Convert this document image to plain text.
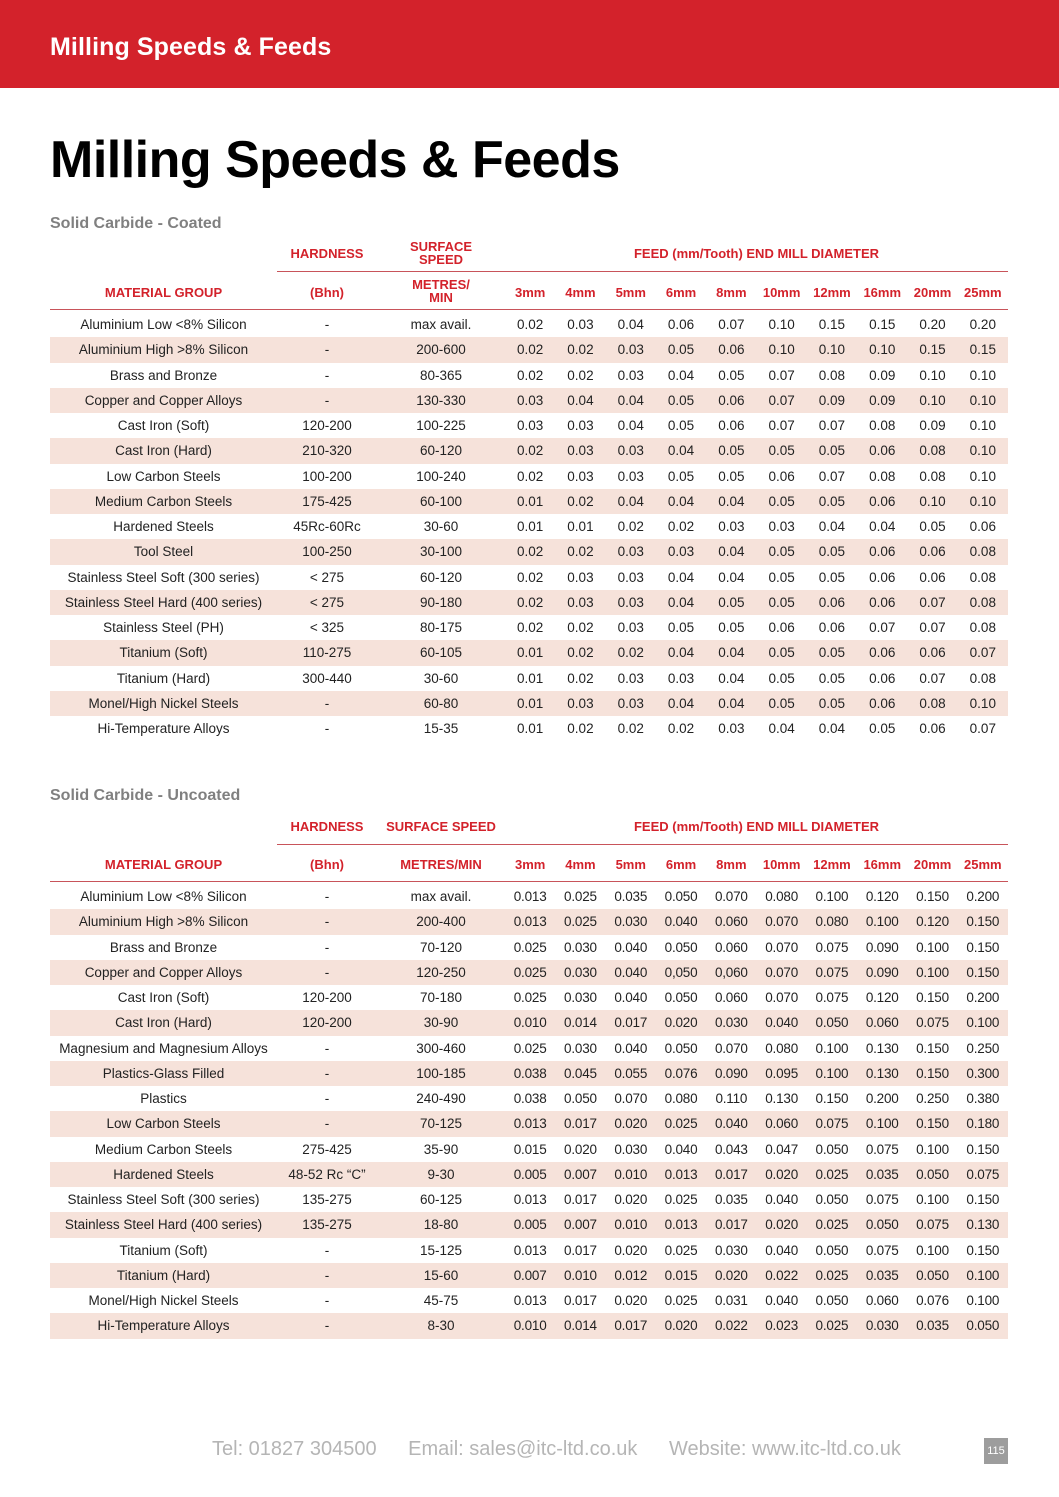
Milling Speeds & Feeds
Milling Speeds & Feeds
Solid Carbide - Coated
HARDNESS	SURFACE
SPEED	FEED (mm/Tooth) END MILL DIAMETER
MATERIAL GROUP	(Bhn)
METRES/
MIN	3mm	4mm	5mm	6mm	8mm	10mm 12mm 16mm 20mm 25mm
Aluminium Low <8% Silicon	-	max avail.	0.02	0.03	0.04	0.06	0.07	0.10	0.15	0.15	0.20	0.20
Aluminium High >8% Silicon	-	200-600	0.02	0.02	0.03	0.05	0.06	0.10	0.10	0.10	0.15	0.15
Brass and Bronze	-	80-365	0.02	0.02	0.03	0.04	0.05	0.07	0.08	0.09	0.10	0.10
Copper and Copper Alloys	-	130-330	0.03	0.04	0.04	0.05	0.06	0.07	0.09	0.09	0.10	0.10
Cast Iron (Soft)	120-200	100-225	0.03	0.03	0.04	0.05	0.06	0.07	0.07	0.08	0.09	0.10
Cast Iron (Hard)	210-320	60-120	0.02	0.03	0.03	0.04	0.05	0.05	0.05	0.06	0.08	0.10
Low Carbon Steels	100-200	100-240	0.02	0.03	0.03	0.05	0.05	0.06	0.07	0.08	0.08	0.10
Medium Carbon Steels	175-425	60-100	0.01	0.02	0.04	0.04	0.04	0.05	0.05	0.06	0.10	0.10
Hardened Steels	45Rc-60Rc	30-60	0.01	0.01	0.02	0.02	0.03	0.03	0.04	0.04	0.05	0.06
Tool Steel	100-250	30-100	0.02	0.02	0.03	0.03	0.04	0.05	0.05	0.06	0.06	0.08
Stainless Steel Soft (300 series)	< 275	60-120	0.02	0.03	0.03	0.04	0.04	0.05	0.05	0.06	0.06	0.08
Stainless Steel Hard (400 series)	< 275	90-180	0.02	0.03	0.03	0.04	0.05	0.05	0.06	0.06	0.07	0.08
Stainless Steel (PH)	< 325	80-175	0.02	0.02	0.03	0.05	0.05	0.06	0.06	0.07	0.07	0.08
Titanium (Soft)	110-275	60-105	0.01	0.02	0.02	0.04	0.04	0.05	0.05	0.06	0.06	0.07
Titanium (Hard)	300-440	30-60	0.01	0.02	0.03	0.03	0.04	0.05	0.05	0.06	0.07	0.08
Monel/High Nickel Steels	-	60-80	0.01	0.03	0.03	0.04	0.04	0.05	0.05	0.06	0.08	0.10
Hi-Temperature Alloys	-	15-35	0.01	0.02	0.02	0.02	0.03	0.04	0.04	0.05	0.06	0.07
Solid Carbide - Uncoated
HARDNESS	SURFACE SPEED	FEED (mm/Tooth) END MILL DIAMETER
MATERIAL GROUP	(Bhn)	METRES/MIN	3mm	4mm	5mm	6mm	8mm	10mm 12mm 16mm 20mm 25mm
Aluminium Low <8% Silicon	-	max avail.	0.013	0.025	0.035	0.050	0.070	0.080	0.100	0.120	0.150	0.200
Aluminium High >8% Silicon	-	200-400	0.013	0.025	0.030	0.040	0.060	0.070	0.080	0.100	0.120	0.150
Brass and Bronze	-	70-120	0.025	0.030	0.040	0.050	0.060	0.070	0.075	0.090	0.100	0.150
Copper and Copper Alloys	-	120-250	0.025	0.030	0.040	0,050	0,060	0.070	0.075	0.090	0.100	0.150
Cast Iron (Soft)	120-200	70-180	0.025	0.030	0.040	0.050	0.060	0.070	0.075	0.120	0.150	0.200
Cast Iron (Hard)	120-200	30-90	0.010	0.014	0.017	0.020	0.030	0.040	0.050	0.060	0.075	0.100
Magnesium and Magnesium Alloys	-	300-460	0.025	0.030	0.040	0.050	0.070	0.080	0.100	0.130	0.150	0.250
Plastics-Glass Filled	-	100-185	0.038	0.045	0.055	0.076	0.090	0.095	0.100	0.130	0.150	0.300
Plastics	-	240-490	0.038	0.050	0.070	0.080	0.110	0.130	0.150	0.200	0.250	0.380
Low Carbon Steels	-	70-125	0.013	0.017	0.020	0.025	0.040	0.060	0.075	0.100	0.150	0.180
Medium Carbon Steels	275-425	35-90	0.015	0.020	0.030	0.040	0.043	0.047	0.050	0.075	0.100	0.150
Hardened Steels	48-52 Rc “C”	9-30	0.005	0.007	0.010	0.013	0.017	0.020	0.025	0.035	0.050	0.075
Stainless Steel Soft (300 series)	135-275	60-125	0.013	0.017	0.020	0.025	0.035	0.040	0.050	0.075	0.100	0.150
Stainless Steel Hard (400 series)	135-275	18-80	0.005	0.007	0.010	0.013	0.017	0.020	0.025	0.050	0.075	0.130
Titanium (Soft)	-	15-125	0.013	0.017	0.020	0.025	0.030	0.040	0.050	0.075	0.100	0.150
Titanium (Hard)	-	15-60	0.007	0.010	0.012	0.015	0.020	0.022	0.025	0.035	0.050	0.100
Monel/High Nickel Steels	-	45-75	0.013	0.017	0.020	0.025	0.031	0.040	0.050	0.060	0.076	0.100
Hi-Temperature Alloys	-	8-30	0.010	0.014	0.017	0.020	0.022	0.023	0.025	0.030	0.035	0.050
Tel: 01827 304500 Email: sales@itc-ltd.co.uk Website: www.itc-ltd.co.uk	115
